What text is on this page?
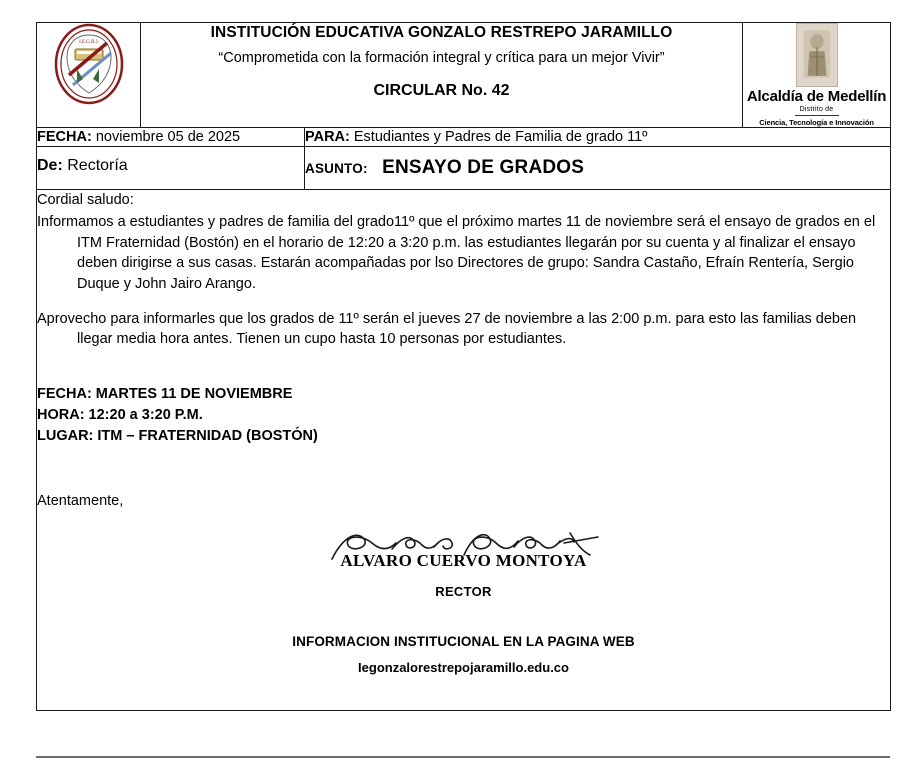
I.E.G.R.J.

INSTITUCIÓN EDUCATIVA GONZALO RESTREPO JARAMILLO
“Comprometida con la formación integral y crítica para un mejor Vivir”
CIRCULAR No. 42	Alcaldía de Medellín
Distrito de
Ciencia, Tecnología e Innovación

FECHA: noviembre 05 de 2025		PARA: Estudiantes y Padres de Familia de grado 11º	
De: Rectoría		ASUNTO: ENSAYO DE GRADOS	

Cordial saludo:

Informamos a estudiantes y padres de familia del grado11º que el próximo martes 11 de noviembre será el ensayo de grados en el ITM Fraternidad (Bostón) en el horario de 12:20 a 3:20 p.m. las estudiantes llegarán por su cuenta y al finalizar el ensayo deben dirigirse a sus casas. Estarán acompañadas por lso Directores de grupo: Sandra Castaño, Efraín Rentería, Sergio Duque y John Jairo Arango.

Aprovecho para informarles que los grados de 11º serán el jueves 27 de noviembre a las 2:00 p.m. para esto las familias deben llegar media hora antes. Tienen un cupo hasta 10 personas por estudiantes.

FECHA: MARTES 11 DE NOVIEMBRE
HORA: 12:20 a 3:20 P.M.
LUGAR: ITM – FRATERNIDAD (BOSTÓN)
Atentamente,
ALVARO CUERVO MONTOYA
RECTOR
INFORMACION INSTITUCIONAL EN LA PAGINA WEB
Iegonzalorestrepojaramillo.edu.co
